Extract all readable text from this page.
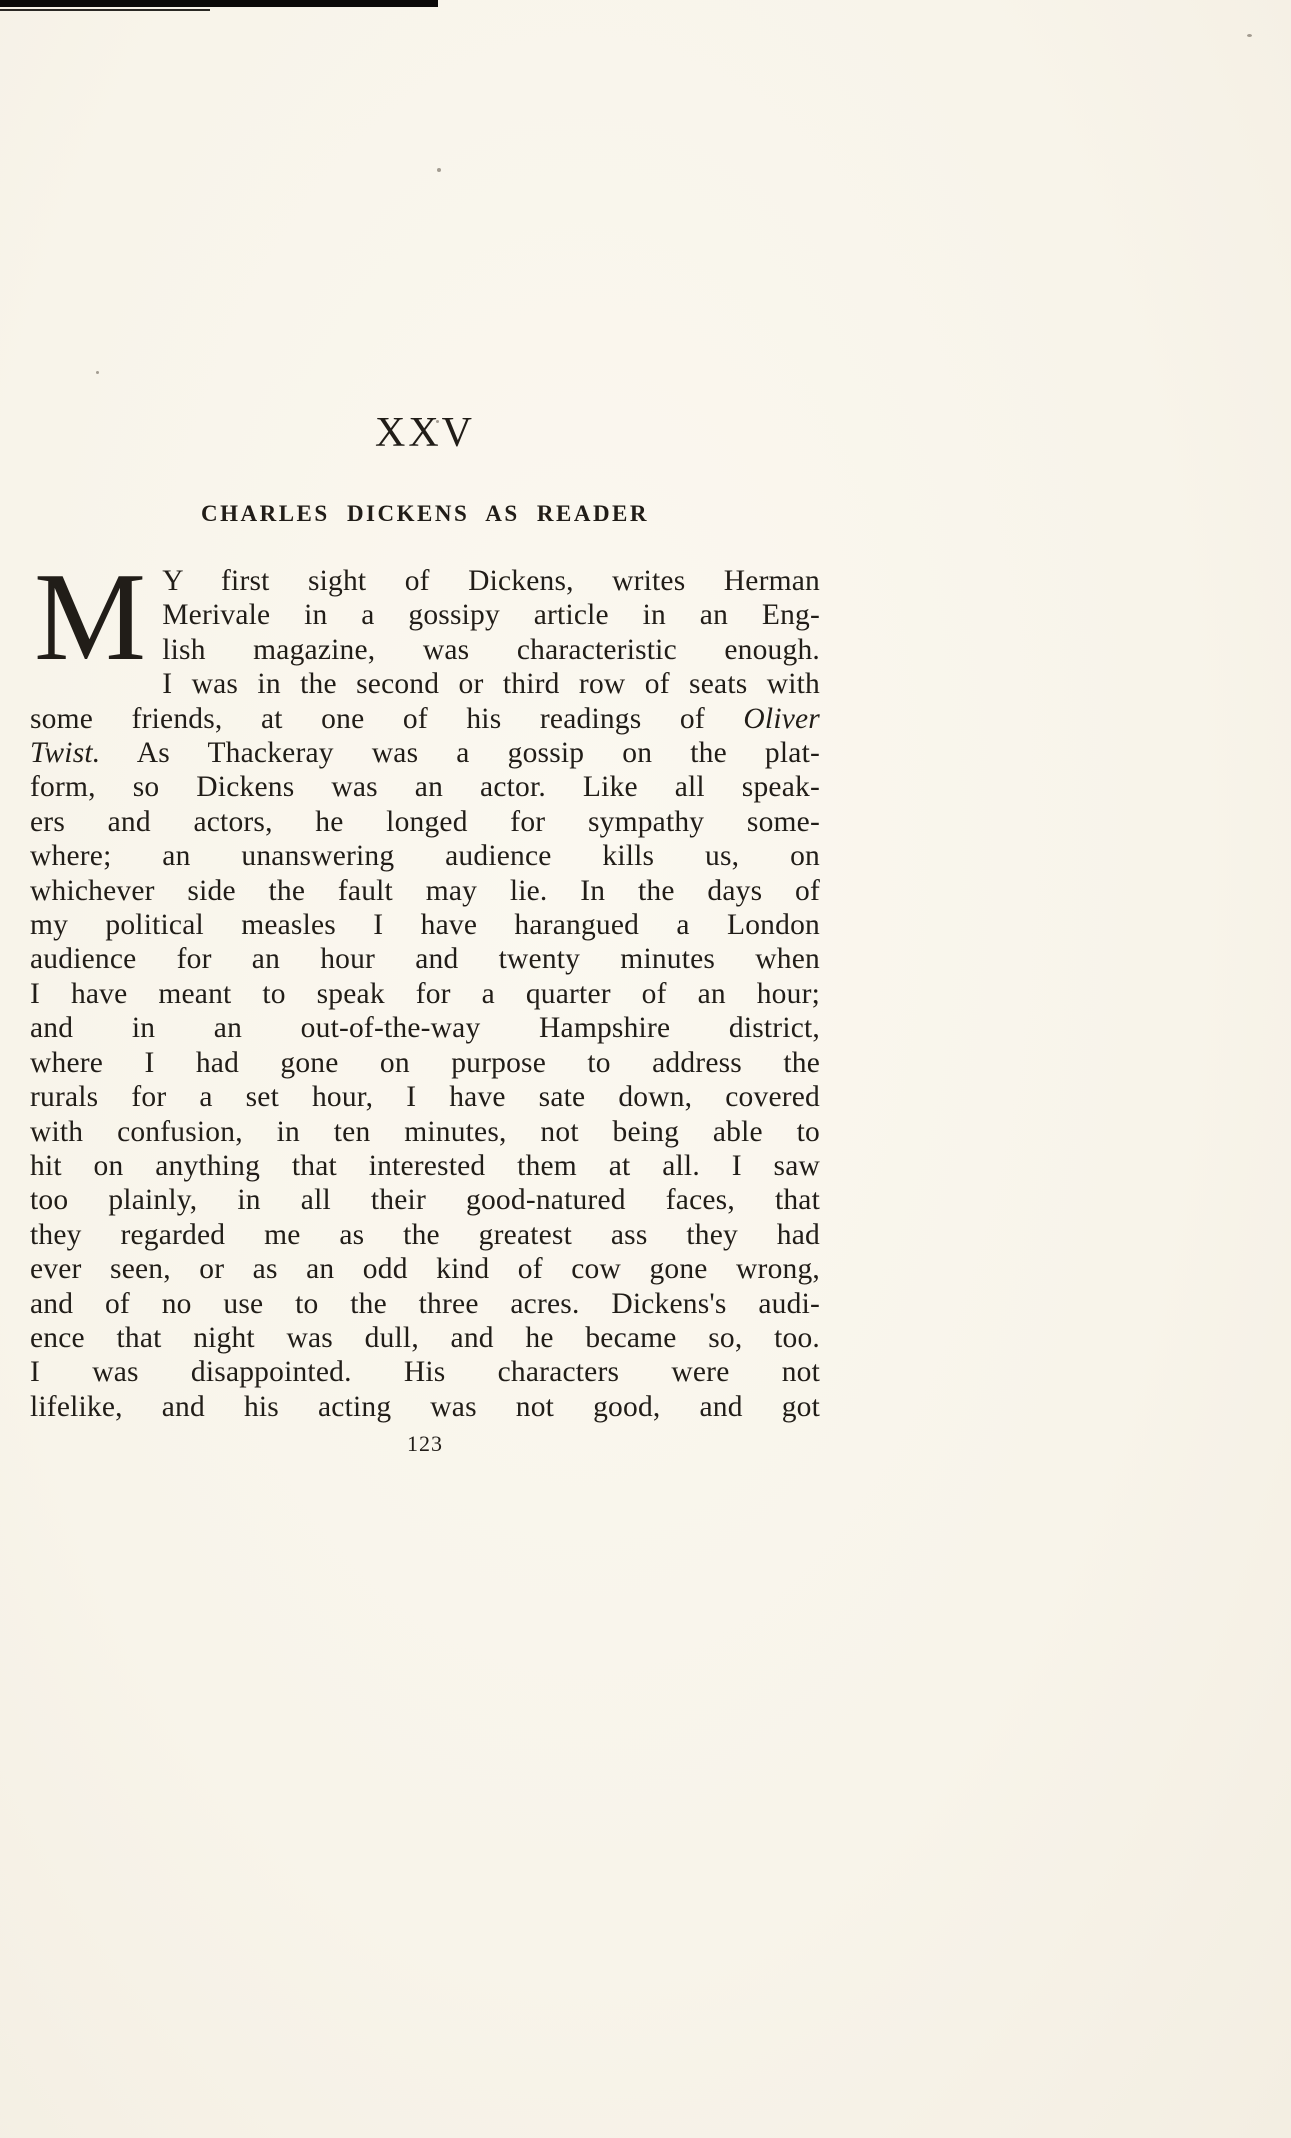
XXV
CHARLES DICKENS AS READER
M Y first sight of Dickens, writes Herman
Merivale in a gossipy article in an Eng-
lish magazine, was characteristic enough.
I was in the second or third row of seats with
some friends, at one of his readings of Oliver
Twist. As Thackeray was a gossip on the plat-
form, so Dickens was an actor. Like all speak-
ers and actors, he longed for sympathy some-
where; an unanswering audience kills us, on
whichever side the fault may lie. In the days of
my political measles I have harangued a London
audience for an hour and twenty minutes when
I have meant to speak for a quarter of an hour;
and in an out-of-the-way Hampshire district,
where I had gone on purpose to address the
rurals for a set hour, I have sate down, covered
with confusion, in ten minutes, not being able to
hit on anything that interested them at all. I saw
too plainly, in all their good-natured faces, that
they regarded me as the greatest ass they had
ever seen, or as an odd kind of cow gone wrong,
and of no use to the three acres. Dickens's audi-
ence that night was dull, and he became so, too.
I was disappointed. His characters were not
lifelike, and his acting was not good, and got
123
